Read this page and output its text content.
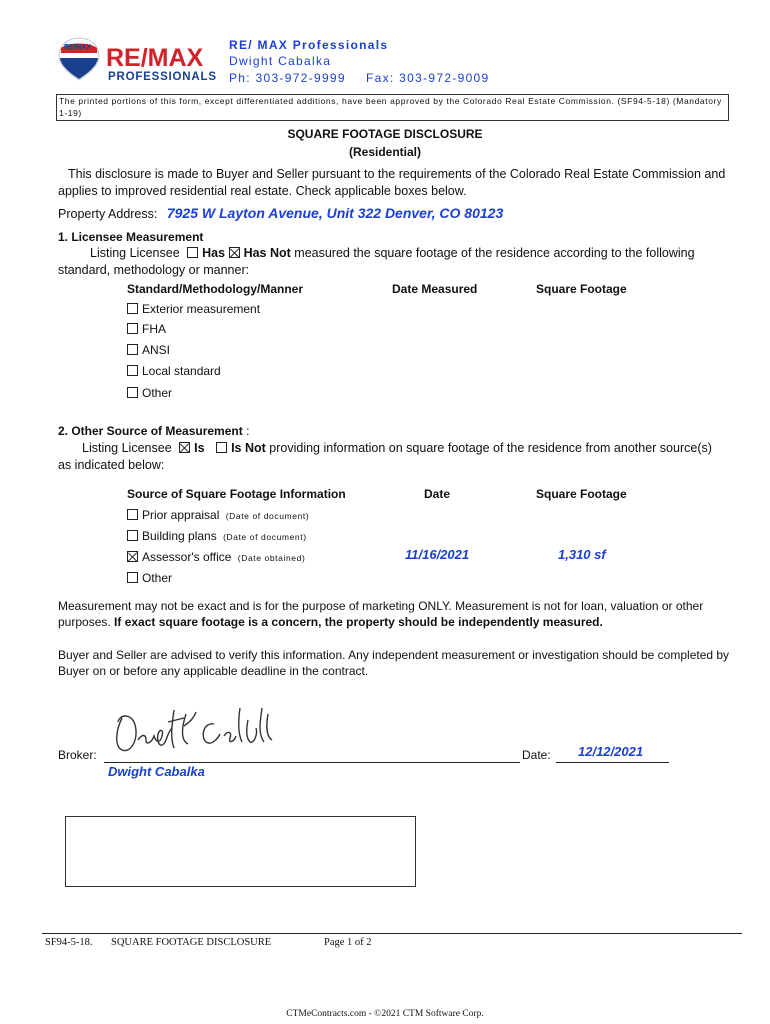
RE/MAX RE/MAX
PROFESSIONALS
RE/ MAX Professionals
Dwight Cabalka
Ph: 303-972-9999 Fax: 303-972-9009
The printed portions of this form, except differentiated additions, have been approved by the Colorado Real Estate Commission. (SF94-5-18) (Mandatory 1-19)
SQUARE FOOTAGE DISCLOSURE
(Residential)
This disclosure is made to Buyer and Seller pursuant to the requirements of the Colorado Real Estate Commission and applies to improved residential real estate. Check applicable boxes below.
Property Address: 7925 W Layton Avenue, Unit 322 Denver, CO 80123
1. Licensee Measurement
Listing Licensee Has Has Not measured the square footage of the residence according to the following standard, methodology or manner:
Standard/Methodology/Manner	Date Measured	Square Footage
Exterior measurement
FHA
ANSI
Local standard
Other
2. Other Source of Measurement :
Listing Licensee Is Is Not providing information on square footage of the residence from another source(s) as indicated below:
Source of Square Footage Information	Date	Square Footage
Prior appraisal (Date of document)
Building plans (Date of document)
Assessor's office (Date obtained)	11/16/2021	1,310 sf
Other
Measurement may not be exact and is for the purpose of marketing ONLY. Measurement is not for loan, valuation or other purposes. If exact square footage is a concern, the property should be independently measured.
Buyer and Seller are advised to verify this information. Any independent measurement or investigation should be completed by Buyer on or before any applicable deadline in the contract.
Broker:	Date: 12/12/2021
Dwight Cabalka
SF94-5-18. SQUARE FOOTAGE DISCLOSURE	Page 1 of 2
CTMeContracts.com - ©2021 CTM Software Corp.
